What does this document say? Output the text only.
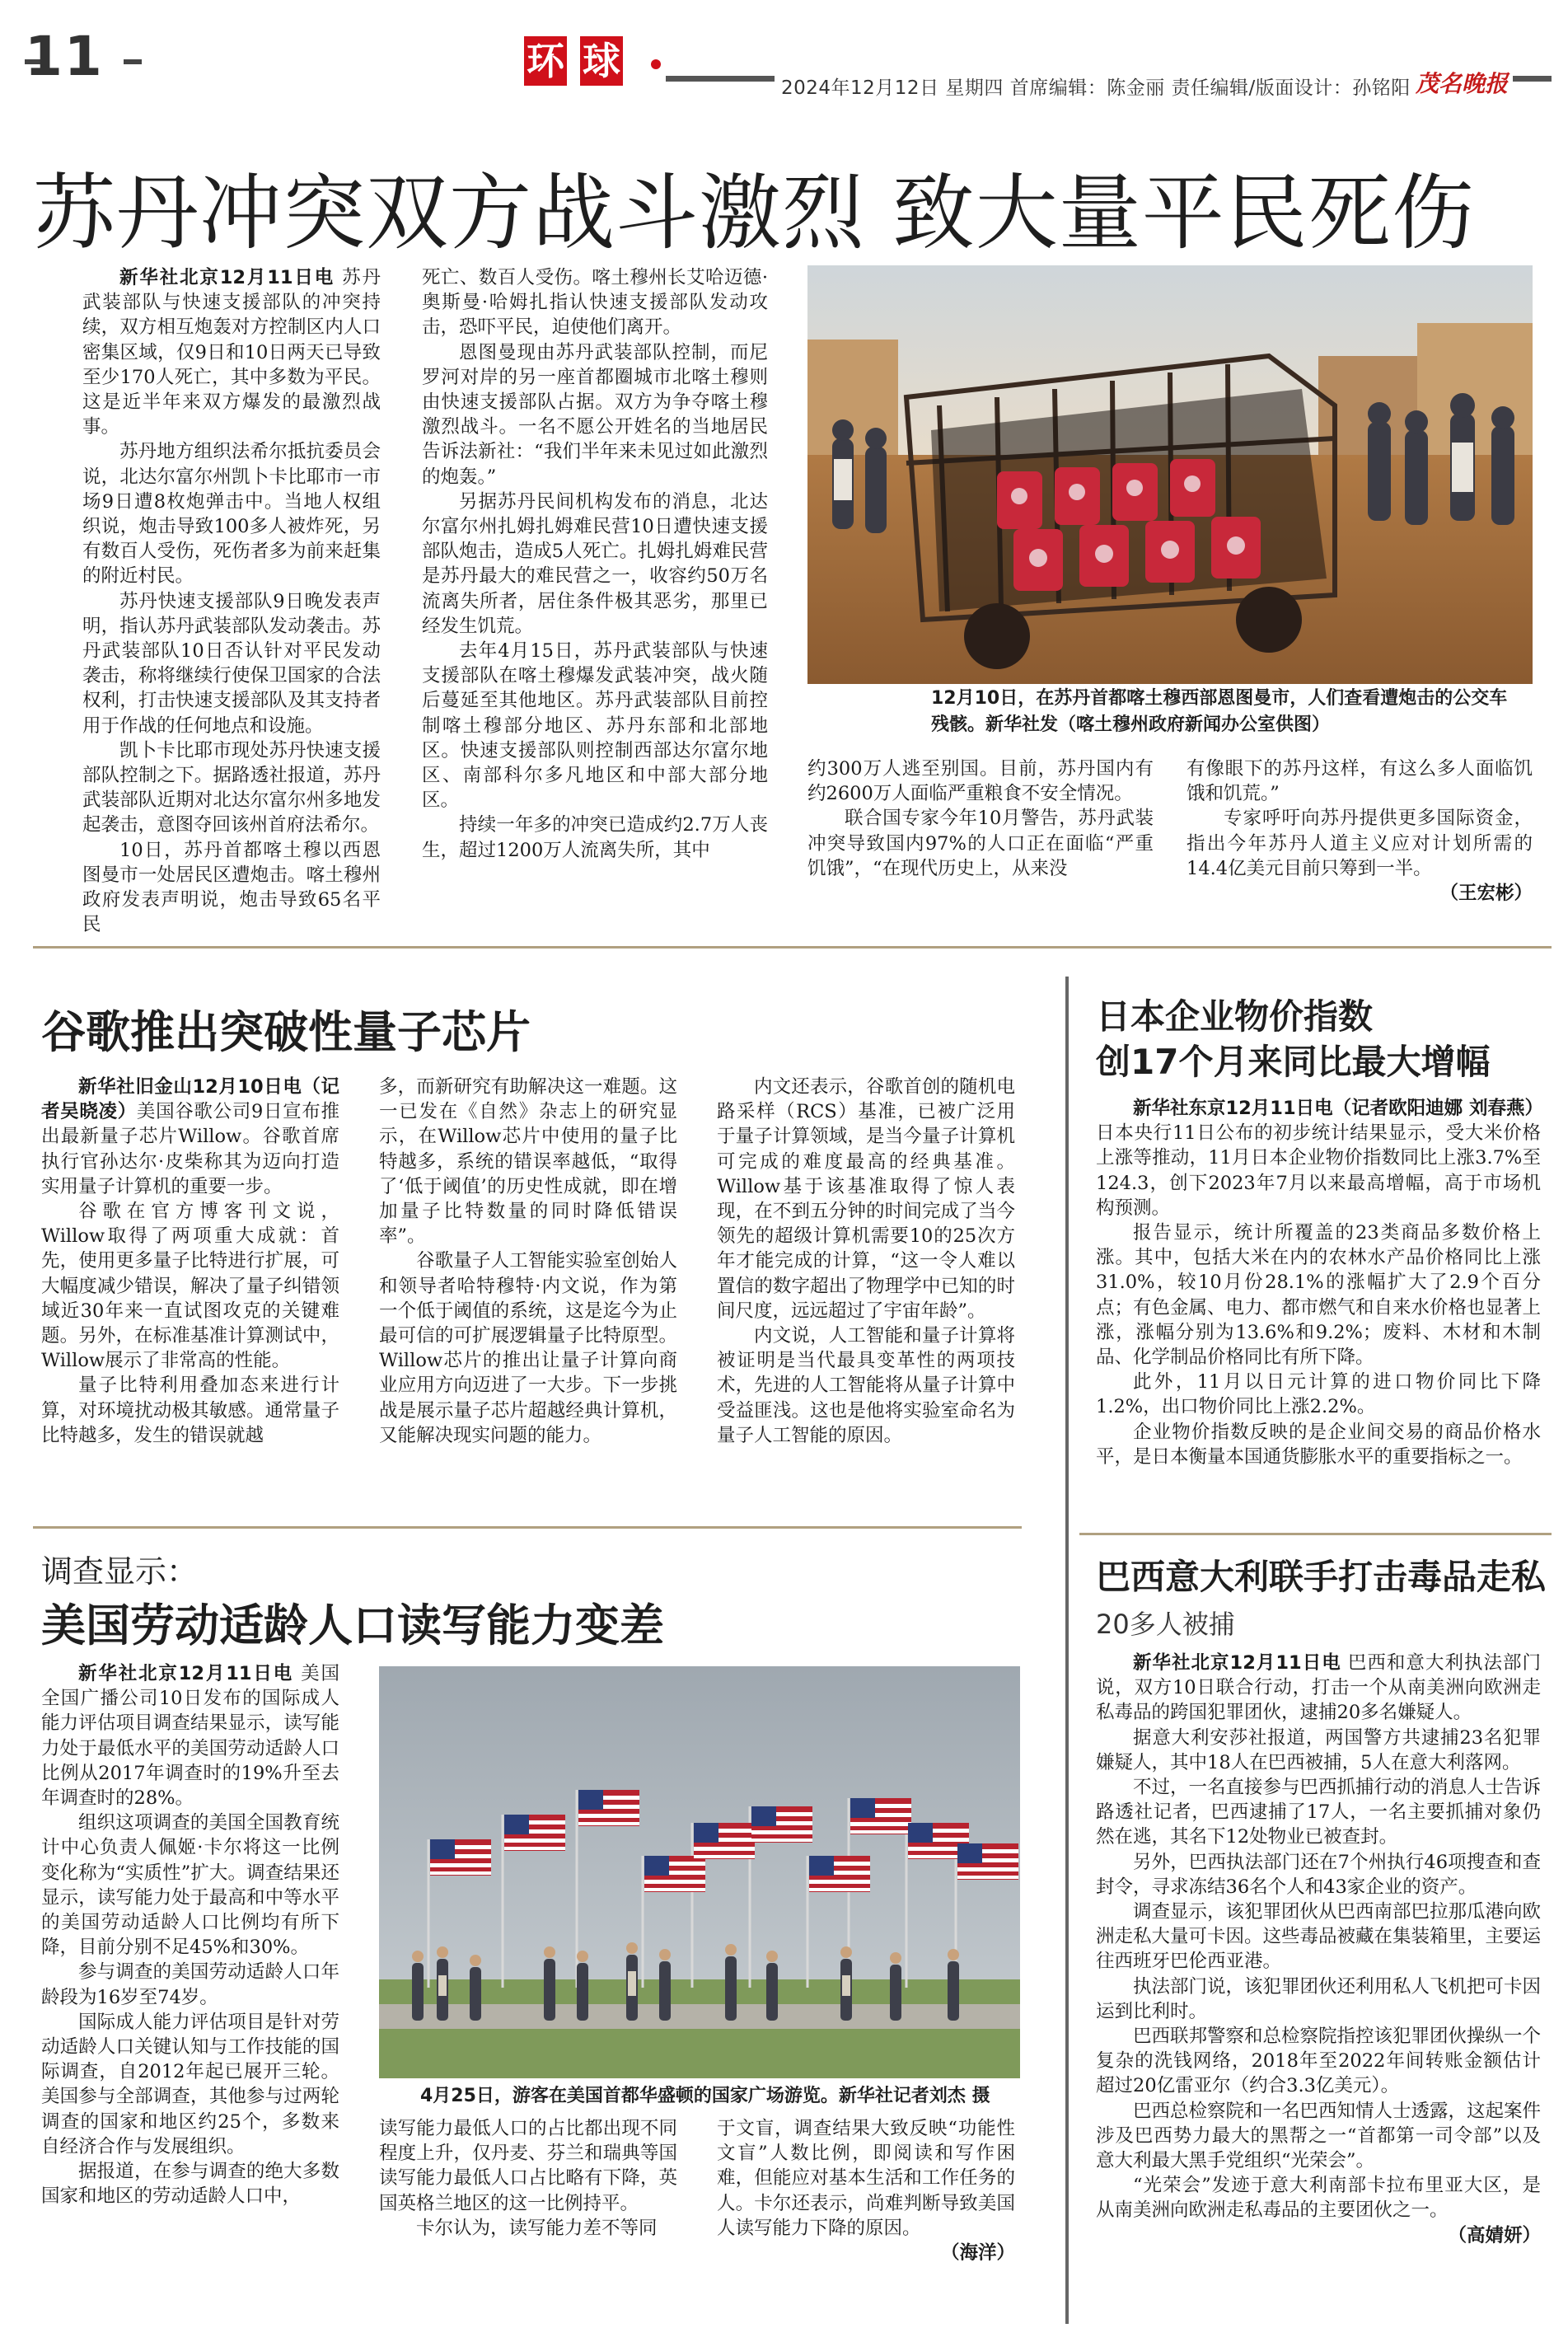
11	环 球
2024年12月12日 星期四 首席编辑：陈金丽 责任编辑/版面设计：孙铭阳 茂名晚报
苏丹冲突双方战斗激烈 致大量平民死伤

新华社北京12月11日电 苏丹武装部队与快速支援部队的冲突持续，双方相互炮轰对方控制区内人口密集区域，仅9日和10日两天已导致至少170人死亡，其中多数为平民。这是近半年来双方爆发的最激烈战事。

苏丹地方组织法希尔抵抗委员会说，北达尔富尔州凯卜卡比耶市一市场9日遭8枚炮弹击中。当地人权组织说，炮击导致100多人被炸死，另有数百人受伤，死伤者多为前来赶集的附近村民。

苏丹快速支援部队9日晚发表声明，指认苏丹武装部队发动袭击。苏丹武装部队10日否认针对平民发动袭击，称将继续行使保卫国家的合法权利，打击快速支援部队及其支持者用于作战的任何地点和设施。

凯卜卡比耶市现处苏丹快速支援部队控制之下。据路透社报道，苏丹武装部队近期对北达尔富尔州多地发起袭击，意图夺回该州首府法希尔。

10日，苏丹首都喀土穆以西恩图曼市一处居民区遭炮击。喀土穆州政府发表声明说，炮击导致65名平民

死亡、数百人受伤。喀土穆州长艾哈迈德·奥斯曼·哈姆扎指认快速支援部队发动攻击，恐吓平民，迫使他们离开。

恩图曼现由苏丹武装部队控制，而尼罗河对岸的另一座首都圈城市北喀土穆则由快速支援部队占据。双方为争夺喀土穆激烈战斗。一名不愿公开姓名的当地居民告诉法新社：“我们半年来未见过如此激烈的炮轰。”

另据苏丹民间机构发布的消息，北达尔富尔州扎姆扎姆难民营10日遭快速支援部队炮击，造成5人死亡。扎姆扎姆难民营是苏丹最大的难民营之一，收容约50万名流离失所者，居住条件极其恶劣，那里已经发生饥荒。

去年4月15日，苏丹武装部队与快速支援部队在喀土穆爆发武装冲突，战火随后蔓延至其他地区。苏丹武装部队目前控制喀土穆部分地区、苏丹东部和北部地区。快速支援部队则控制西部达尔富尔地区、南部科尔多凡地区和中部大部分地区。

持续一年多的冲突已造成约2.7万人丧生，超过1200万人流离失所，其中

12月10日，在苏丹首都喀土穆西部恩图曼市，人们查看遭炮击的公交车残骸。新华社发（喀土穆州政府新闻办公室供图）

约300万人逃至别国。目前，苏丹国内有约2600万人面临严重粮食不安全情况。

联合国专家今年10月警告，苏丹武装冲突导致国内97%的人口正在面临“严重饥饿”，“在现代历史上，从来没

有像眼下的苏丹这样，有这么多人面临饥饿和饥荒。”

专家呼吁向苏丹提供更多国际资金，指出今年苏丹人道主义应对计划所需的14.4亿美元目前只筹到一半。

（王宏彬）
谷歌推出突破性量子芯片

新华社旧金山12月10日电（记者吴晓凌）美国谷歌公司9日宣布推出最新量子芯片Willow。谷歌首席执行官孙达尔·皮柴称其为迈向打造实用量子计算机的重要一步。

谷歌在官方博客刊文说，Willow取得了两项重大成就：首先，使用更多量子比特进行扩展，可大幅度减少错误，解决了量子纠错领域近30年来一直试图攻克的关键难题。另外，在标准基准计算测试中，Willow展示了非常高的性能。

量子比特利用叠加态来进行计算，对环境扰动极其敏感。通常量子比特越多，发生的错误就越

多，而新研究有助解决这一难题。这一已发在《自然》杂志上的研究显示，在Willow芯片中使用的量子比特越多，系统的错误率越低，“取得了‘低于阈值’的历史性成就，即在增加量子比特数量的同时降低错误率”。

谷歌量子人工智能实验室创始人和领导者哈特穆特·内文说，作为第一个低于阈值的系统，这是迄今为止最可信的可扩展逻辑量子比特原型。Willow芯片的推出让量子计算向商业应用方向迈进了一大步。下一步挑战是展示量子芯片超越经典计算机，又能解决现实问题的能力。

内文还表示，谷歌首创的随机电路采样（RCS）基准，已被广泛用于量子计算领域，是当今量子计算机可完成的难度最高的经典基准。Willow基于该基准取得了惊人表现，在不到五分钟的时间完成了当今领先的超级计算机需要10的25次方年才能完成的计算，“这一令人难以置信的数字超出了物理学中已知的时间尺度，远远超过了宇宙年龄”。

内文说，人工智能和量子计算将被证明是当代最具变革性的两项技术，先进的人工智能将从量子计算中受益匪浅。这也是他将实验室命名为量子人工智能的原因。

调查显示：
美国劳动适龄人口读写能力变差

新华社北京12月11日电 美国全国广播公司10日发布的国际成人能力评估项目调查结果显示，读写能力处于最低水平的美国劳动适龄人口比例从2017年调查时的19%升至去年调查时的28%。

组织这项调查的美国全国教育统计中心负责人佩姬·卡尔将这一比例变化称为“实质性”扩大。调查结果还显示，读写能力处于最高和中等水平的美国劳动适龄人口比例均有所下降，目前分别不足45%和30%。

参与调查的美国劳动适龄人口年龄段为16岁至74岁。

国际成人能力评估项目是针对劳动适龄人口关键认知与工作技能的国际调查，自2012年起已展开三轮。美国参与全部调查，其他参与过两轮调查的国家和地区约25个，多数来自经济合作与发展组织。

据报道，在参与调查的绝大多数国家和地区的劳动适龄人口中，

4月25日，游客在美国首都华盛顿的国家广场游览。新华社记者刘杰 摄

读写能力最低人口的占比都出现不同程度上升，仅丹麦、芬兰和瑞典等国读写能力最低人口占比略有下降，英国英格兰地区的这一比例持平。

卡尔认为，读写能力差不等同

于文盲，调查结果大致反映“功能性文盲”人数比例，即阅读和写作困难，但能应对基本生活和工作任务的人。卡尔还表示，尚难判断导致美国人读写能力下降的原因。

（海洋）
日本企业物价指数
创17个月来同比最大增幅

新华社东京12月11日电（记者欧阳迪娜 刘春燕）日本央行11日公布的初步统计结果显示，受大米价格上涨等推动，11月日本企业物价指数同比上涨3.7%至124.3，创下2023年7月以来最高增幅，高于市场机构预测。

报告显示，统计所覆盖的23类商品多数价格上涨。其中，包括大米在内的农林水产品价格同比上涨31.0%，较10月份28.1%的涨幅扩大了2.9个百分点；有色金属、电力、都市燃气和自来水价格也显著上涨，涨幅分别为13.6%和9.2%；废料、木材和木制品、化学制品价格同比有所下降。

此外，11月以日元计算的进口物价同比下降1.2%，出口物价同比上涨2.2%。

企业物价指数反映的是企业间交易的商品价格水平，是日本衡量本国通货膨胀水平的重要指标之一。

巴西意大利联手打击毒品走私
20多人被捕

新华社北京12月11日电 巴西和意大利执法部门说，双方10日联合行动，打击一个从南美洲向欧洲走私毒品的跨国犯罪团伙，逮捕20多名嫌疑人。

据意大利安莎社报道，两国警方共逮捕23名犯罪嫌疑人，其中18人在巴西被捕，5人在意大利落网。

不过，一名直接参与巴西抓捕行动的消息人士告诉路透社记者，巴西逮捕了17人，一名主要抓捕对象仍然在逃，其名下12处物业已被查封。

另外，巴西执法部门还在7个州执行46项搜查和查封令，寻求冻结36名个人和43家企业的资产。

调查显示，该犯罪团伙从巴西南部巴拉那瓜港向欧洲走私大量可卡因。这些毒品被藏在集装箱里，主要运往西班牙巴伦西亚港。

执法部门说，该犯罪团伙还利用私人飞机把可卡因运到比利时。

巴西联邦警察和总检察院指控该犯罪团伙操纵一个复杂的洗钱网络，2018年至2022年间转账金额估计超过20亿雷亚尔（约合3.3亿美元）。

巴西总检察院和一名巴西知情人士透露，这起案件涉及巴西势力最大的黑帮之一“首都第一司令部”以及意大利最大黑手党组织“光荣会”。

“光荣会”发迹于意大利南部卡拉布里亚大区，是从南美洲向欧洲走私毒品的主要团伙之一。

（高婧妍）
